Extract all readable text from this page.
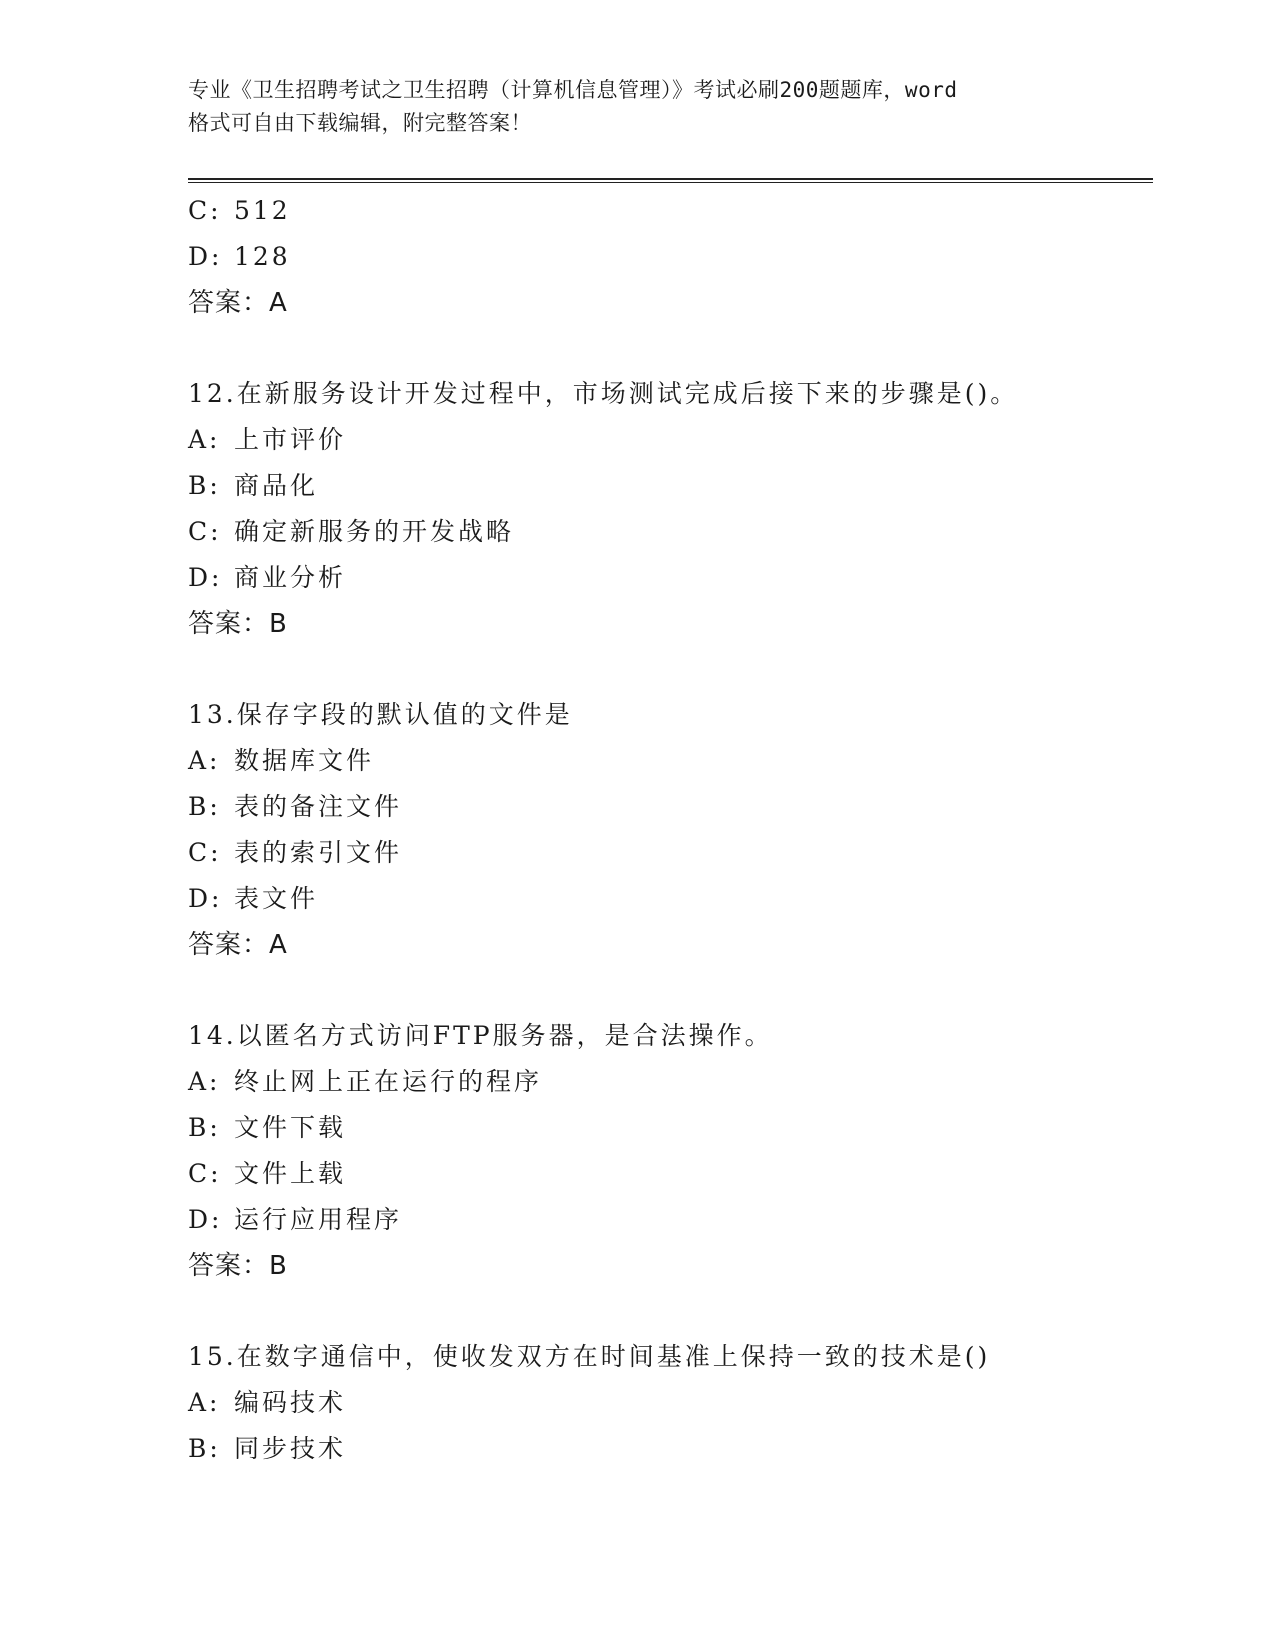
专业《卫生招聘考试之卫生招聘（计算机信息管理）》考试必刷200题题库，word
格式可自由下载编辑，附完整答案！
C: 512
D: 128
答案：A
12.在新服务设计开发过程中，市场测试完成后接下来的步骤是()。
A: 上市评价
B: 商品化
C: 确定新服务的开发战略
D: 商业分析
答案：B
13.保存字段的默认值的文件是
A: 数据库文件
B: 表的备注文件
C: 表的索引文件
D: 表文件
答案：A
14.以匿名方式访问FTP服务器，是合法操作。
A: 终止网上正在运行的程序
B: 文件下载
C: 文件上载
D: 运行应用程序
答案：B
15.在数字通信中，使收发双方在时间基准上保持一致的技术是()
A: 编码技术
B: 同步技术
